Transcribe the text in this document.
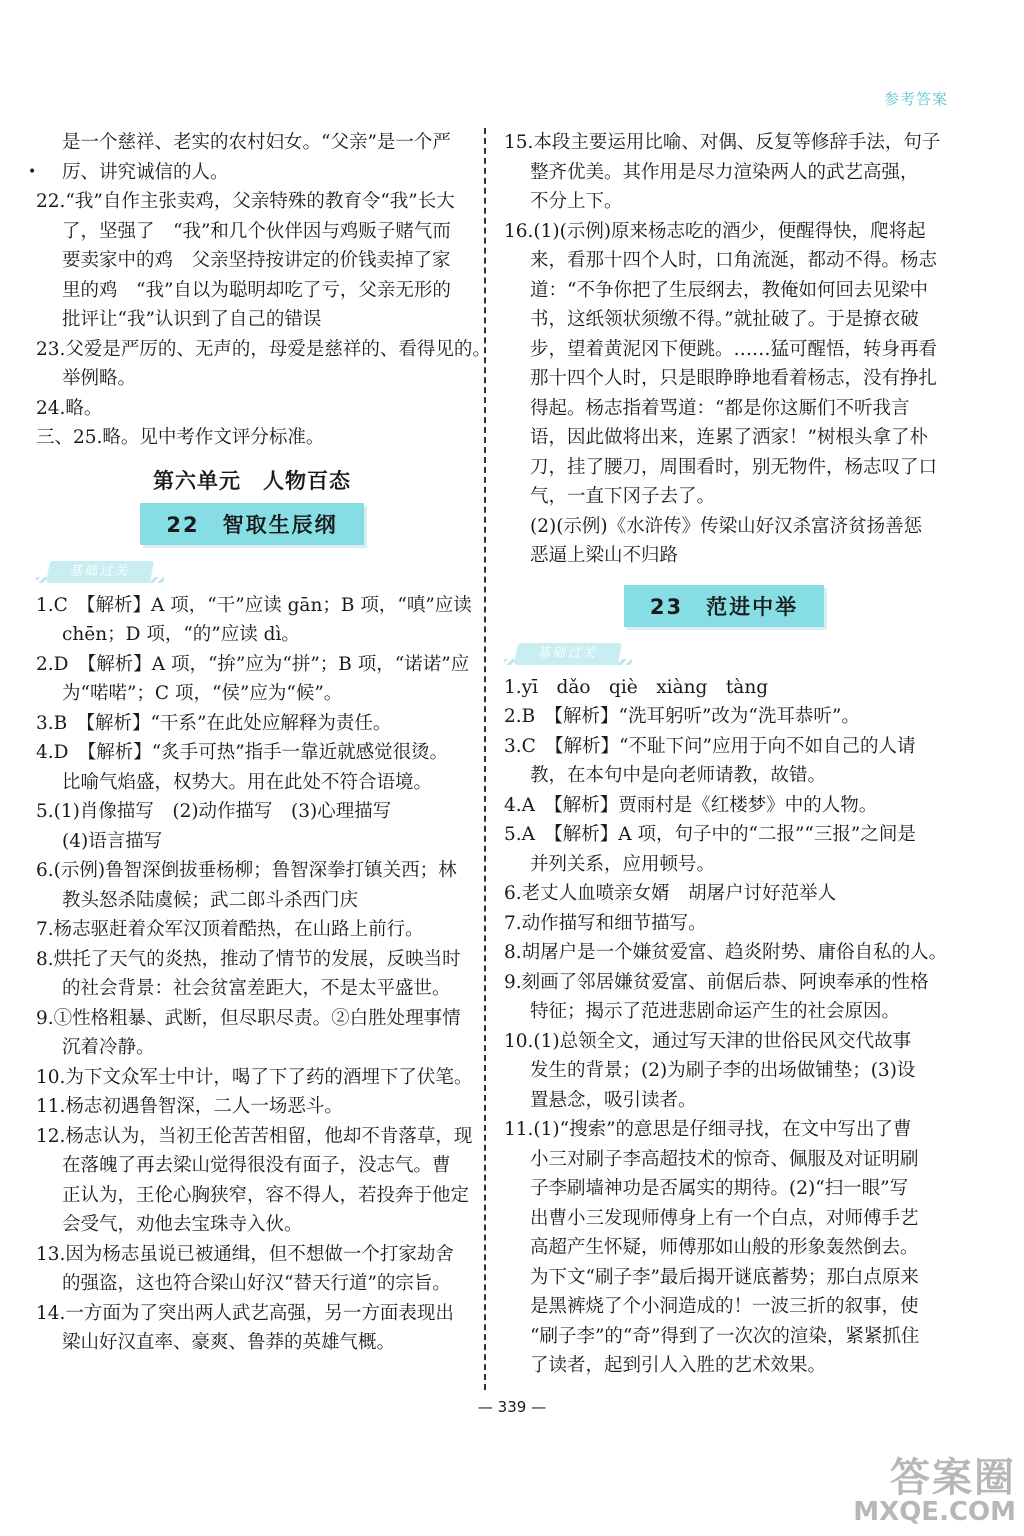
参考答案
是一个慈祥、老实的农村妇女。“父亲”是一个严
• 厉、讲究诚信的人。
22.“我”自作主张卖鸡，父亲特殊的教育令“我”长大
了，坚强了　“我”和几个伙伴因与鸡贩子赌气而
要卖家中的鸡　父亲坚持按讲定的价钱卖掉了家
里的鸡　“我”自以为聪明却吃了亏，父亲无形的
批评让“我”认识到了自己的错误
23.父爱是严厉的、无声的，母爱是慈祥的、看得见的。
举例略。
24.略。
三、25.略。见中考作文评分标准。
第六单元　人物百态
22　智取生辰纲
基础过关
1.C　【解析】A 项，“干”应读 gān；B 项，“嗔”应读
chēn；D 项，“的”应读 dì。
2.D　【解析】A 项，“拚”应为“拼”；B 项，“诺诺”应
为“喏喏”；C 项，“侯”应为“候”。
3.B　【解析】“干系”在此处应解释为责任。
4.D　【解析】“炙手可热”指手一靠近就感觉很烫。
比喻气焰盛，权势大。用在此处不符合语境。
5.(1)肖像描写　(2)动作描写　(3)心理描写
(4)语言描写
6.(示例)鲁智深倒拔垂杨柳；鲁智深拳打镇关西；林
教头怒杀陆虞候；武二郎斗杀西门庆
7.杨志驱赶着众军汉顶着酷热，在山路上前行。
8.烘托了天气的炎热，推动了情节的发展，反映当时
的社会背景：社会贫富差距大，不是太平盛世。
9.①性格粗暴、武断，但尽职尽责。②白胜处理事情
沉着冷静。
10.为下文众军士中计，喝了下了药的酒埋下了伏笔。
11.杨志初遇鲁智深，二人一场恶斗。
12.杨志认为，当初王伦苦苦相留，他却不肯落草，现
在落魄了再去梁山觉得很没有面子，没志气。曹
正认为，王伦心胸狭窄，容不得人，若投奔于他定
会受气，劝他去宝珠寺入伙。
13.因为杨志虽说已被通缉，但不想做一个打家劫舍
的强盗，这也符合梁山好汉“替天行道”的宗旨。
14.一方面为了突出两人武艺高强，另一方面表现出
梁山好汉直率、豪爽、鲁莽的英雄气概。
15.本段主要运用比喻、对偶、反复等修辞手法，句子
整齐优美。其作用是尽力渲染两人的武艺高强，
不分上下。
16.(1)(示例)原来杨志吃的酒少，便醒得快，爬将起
来，看那十四个人时，口角流涎，都动不得。杨志
道：“不争你把了生辰纲去，教俺如何回去见梁中
书，这纸领状须缴不得。”就扯破了。于是撩衣破
步，望着黄泥冈下便跳。……猛可醒悟，转身再看
那十四个人时，只是眼睁睁地看着杨志，没有挣扎
得起。杨志指着骂道：“都是你这厮们不听我言
语，因此做将出来，连累了洒家！”树根头拿了朴
刀，挂了腰刀，周围看时，别无物件，杨志叹了口
气，一直下冈子去了。
(2)(示例)《水浒传》传梁山好汉杀富济贫扬善惩
恶逼上梁山不归路
23　范进中举
基础过关
1.yī　dǎo　qiè　xiàng　tàng
2.B　【解析】“洗耳躬听”改为“洗耳恭听”。
3.C　【解析】“不耻下问”应用于向不如自己的人请
教，在本句中是向老师请教，故错。
4.A　【解析】贾雨村是《红楼梦》中的人物。
5.A　【解析】A 项，句子中的“二报”“三报”之间是
并列关系，应用顿号。
6.老丈人血喷亲女婿　胡屠户讨好范举人
7.动作描写和细节描写。
8.胡屠户是一个嫌贫爱富、趋炎附势、庸俗自私的人。
9.刻画了邻居嫌贫爱富、前倨后恭、阿谀奉承的性格
特征；揭示了范进悲剧命运产生的社会原因。
10.(1)总领全文，通过写天津的世俗民风交代故事
发生的背景；(2)为刷子李的出场做铺垫；(3)设
置悬念，吸引读者。
11.(1)“搜索”的意思是仔细寻找，在文中写出了曹
小三对刷子李高超技术的惊奇、佩服及对证明刷
子李刷墙神功是否属实的期待。(2)“扫一眼”写
出曹小三发现师傅身上有一个白点，对师傅手艺
高超产生怀疑，师傅那如山般的形象轰然倒去。
为下文“刷子李”最后揭开谜底蓄势；那白点原来
是黑裤烧了个小洞造成的！一波三折的叙事，使
“刷子李”的“奇”得到了一次次的渲染，紧紧抓住
了读者，起到引人入胜的艺术效果。
— 339 —
答案圈
MXQE.COM
